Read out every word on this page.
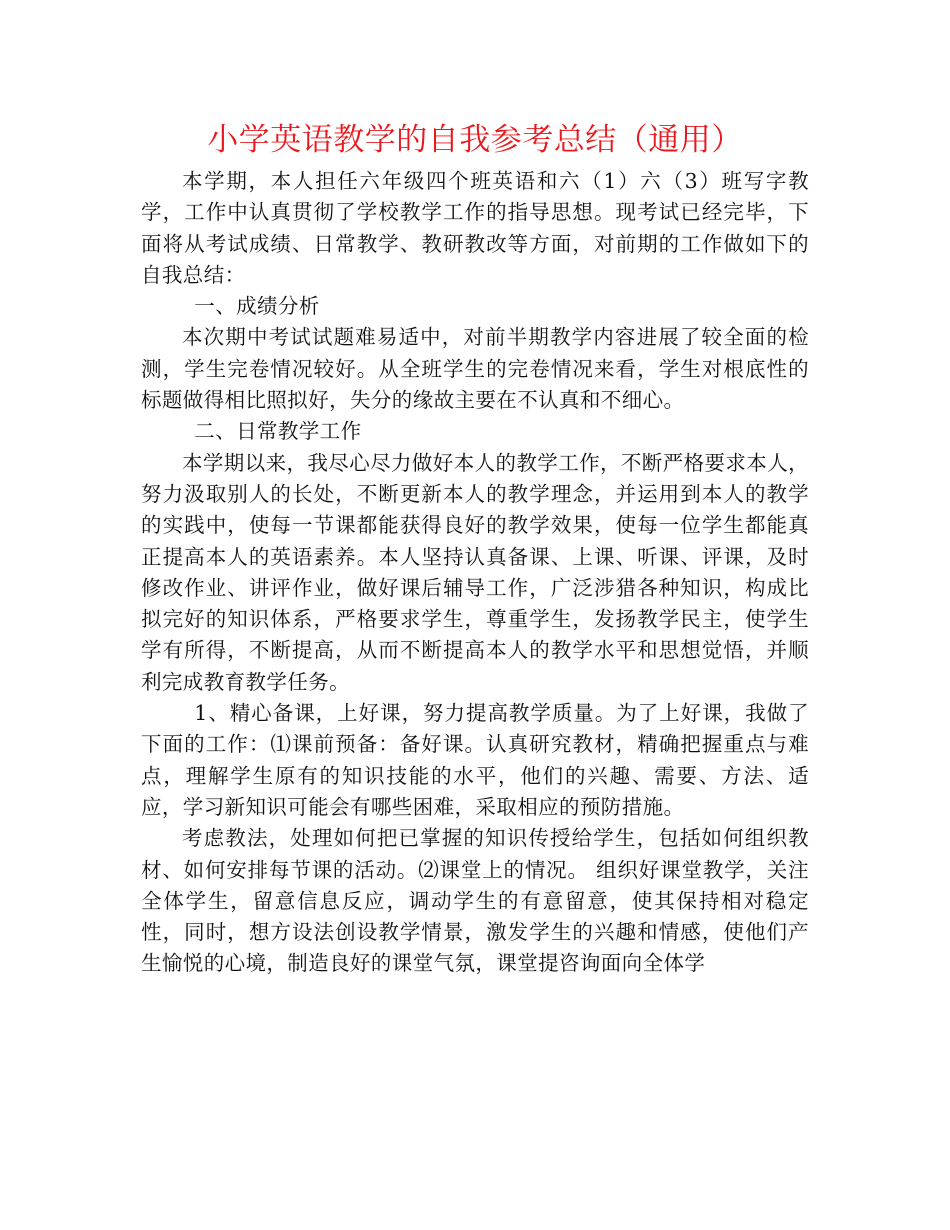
小学英语教学的自我参考总结（通用）

本学期，本人担任六年级四个班英语和六（1）六（3）班写字教学，工作中认真贯彻了学校教学工作的指导思想。现考试已经完毕，下面将从考试成绩、日常教学、教研教改等方面，对前期的工作做如下的自我总结：

一、成绩分析

本次期中考试试题难易适中，对前半期教学内容进展了较全面的检测，学生完卷情况较好。从全班学生的完卷情况来看，学生对根底性的标题做得相比照拟好，失分的缘故主要在不认真和不细心。

二、日常教学工作

本学期以来，我尽心尽力做好本人的教学工作，不断严格要求本人，努力汲取别人的长处，不断更新本人的教学理念，并运用到本人的教学的实践中，使每一节课都能获得良好的教学效果，使每一位学生都能真正提高本人的英语素养。本人坚持认真备课、上课、听课、评课，及时修改作业、讲评作业，做好课后辅导工作，广泛涉猎各种知识，构成比拟完好的知识体系，严格要求学生，尊重学生，发扬教学民主，使学生学有所得，不断提高，从而不断提高本人的教学水平和思想觉悟，并顺利完成教育教学任务。

1、精心备课，上好课，努力提高教学质量。为了上好课，我做了下面的工作：⑴课前预备：备好课。认真研究教材，精确把握重点与难点，理解学生原有的知识技能的水平，他们的兴趣、需要、方法、适应，学习新知识可能会有哪些困难，采取相应的预防措施。

考虑教法，处理如何把已掌握的知识传授给学生，包括如何组织教材、如何安排每节课的活动。⑵课堂上的情况。 组织好课堂教学，关注全体学生，留意信息反应，调动学生的有意留意，使其保持相对稳定性，同时，想方设法创设教学情景，激发学生的兴趣和情感，使他们产生愉悦的心境，制造良好的课堂气氛，课堂提咨询面向全体学
